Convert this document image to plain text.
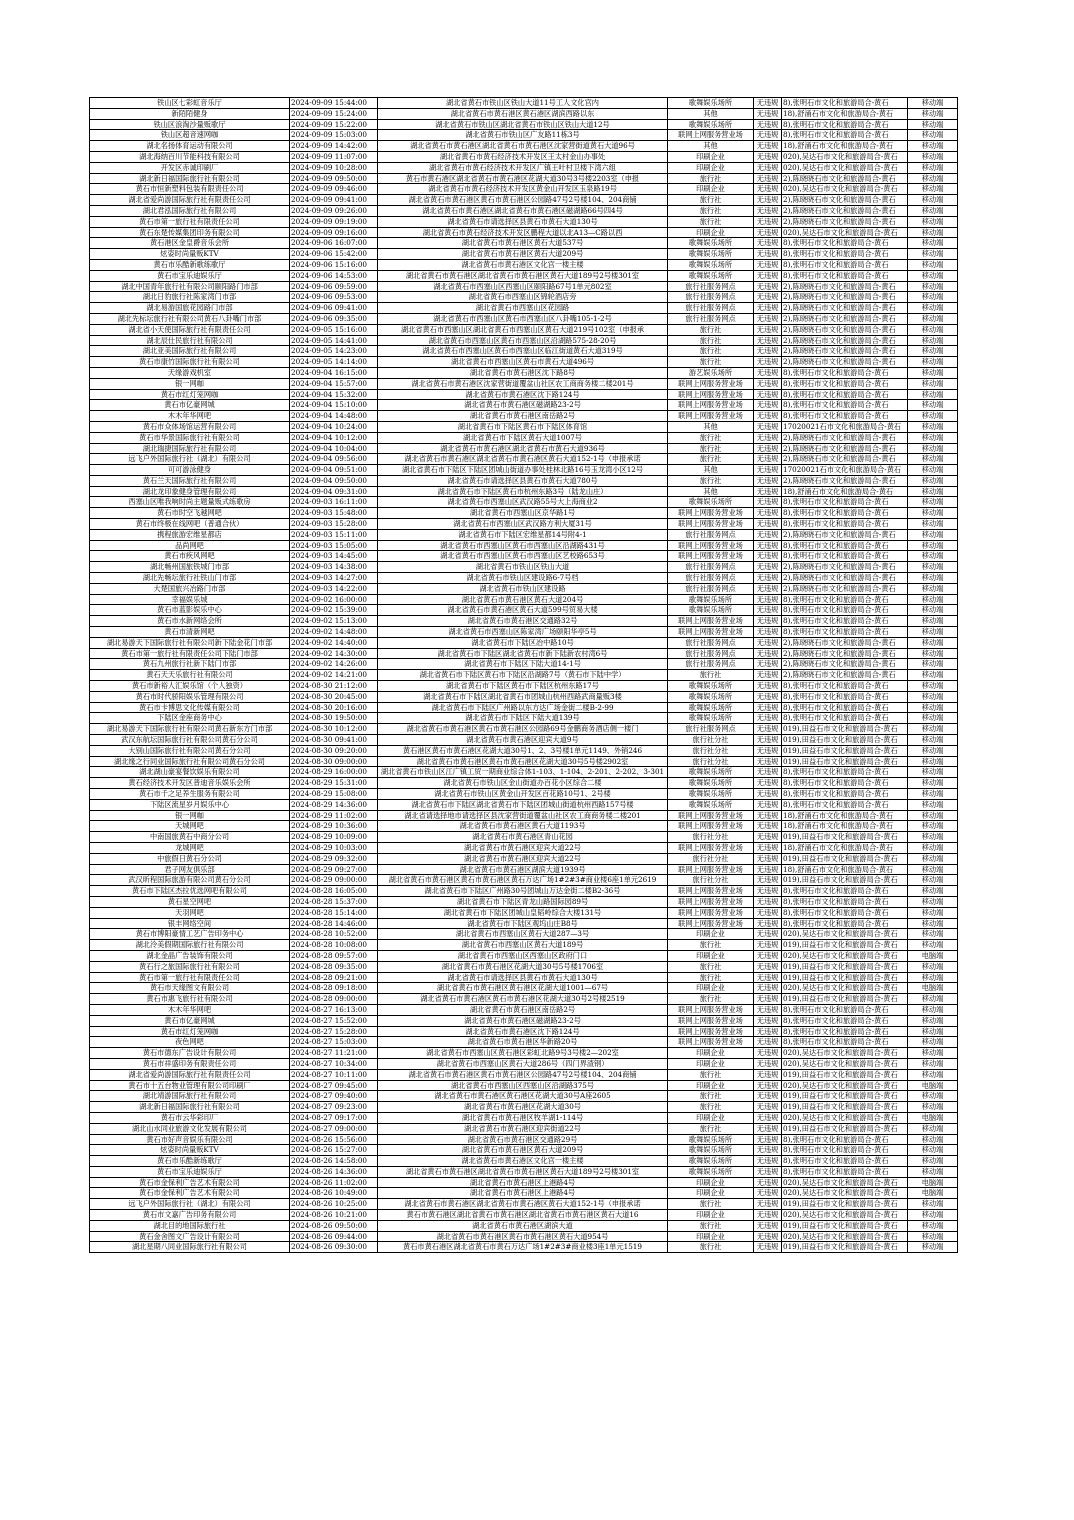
铁山区七彩虹音乐厅	2024-09-09 15:44:00	湖北省黄石市铁山区铁山大道11号工人文化宫内	歌舞娱乐场所	无违规	8),张明石市文化和旅游局合-黄石	移动端
新陌陌健身	2024-09-09 15:24:00	湖北省黄石市黄石港区黄石港区湖滨西路以东	其他	无违规	18),舒涌石市文化和旅游局合-黄石	移动端
铁山区浪淘沙量贩歌厅	2024-09-09 15:22:00	湖北省黄石市铁山区湖北省黄石市铁山区铁山大道12号	歌舞娱乐场所	无违规	8),张明石市文化和旅游局合-黄石	移动端
铁山区超音速网咖	2024-09-09 15:03:00	湖北省黄石市铁山区广友路11栋3号	联网上网服务营业场	无违规	8),张明石市文化和旅游局合-黄石	移动端
湖北名扬体育运动有限公司	2024-09-09 14:42:00	湖北省黄石市黄石港区湖北省黄石市黄石港区沈家营街道黄石大道96号	其他	无违规	18),舒涌石市文化和旅游局合-黄石	移动端
湖北海纳百川节能科技有限公司	2024-09-09 11:07:00	湖北省黄石市黄石经济技术开发区王太村金山办事处	印刷企业	无违规	020),吴达石市文化和旅游局合-黄石	移动端
开发区赤诚印刷厂	2024-09-09 10:28:00	湖北省黄石市黄石经济技术开发区广镇王叶村卫楼下湾六组	印刷企业	无违规	020),吴达石市文化和旅游局合-黄石	移动端
湖北新日福国际旅行社有限公司	2024-09-09 09:50:00	黄石市黄石港区湖北省黄石市黄石港区花湖大道30号3号楼2203室（申报	旅行社	无违规	2),陈晓晓石市文化和旅游局合-黄石	移动端
黄石市恒新塑料包装有限责任公司	2024-09-09 09:46:00	湖北省黄石市黄石经济技术开发区黄金山开发区玉泉路19号	印刷企业	无违规	020),吴达石市文化和旅游局合-黄石	移动端
湖北省爱尚游国际旅行社有限责任公司	2024-09-09 09:41:00	湖北省黄石市黄石港区黄石市黄石港区公园路47号2号楼104、204商铺	旅行社	无违规	2),陈晓晓石市文化和旅游局合-黄石	移动端
湖北君泓国际旅行社有限公司	2024-09-09 09:26:00	湖北省黄石市黄石港区湖北省黄石市黄石港区磁湖路66号四4号	旅行社	无违规	2),陈晓晓石市文化和旅游局合-黄石	移动端
黄石市第一旅行社有限责任公司	2024-09-09 09:19:00	湖北省黄石市请选择区县黄石市黄石大道130号	旅行社	无违规	2),陈晓晓石市文化和旅游局合-黄石	移动端
黄石东楚传媒集团印务有限公司	2024-09-09 09:16:00	湖北省黄石市黄石经济技术开发区鹏程大道以北A13—C路以西	印刷企业	无违规	020),吴达石市文化和旅游局合-黄石	移动端
黄石港区金皇爵音乐会所	2024-09-06 16:07:00	湖北省黄石市黄石港区黄石大道537号	歌舞娱乐场所	无违规	8),张明石市文化和旅游局合-黄石	移动端
炫姿时尚量贩KTV	2024-09-06 15:42:00	湖北省黄石市黄石港区黄石大道209号	歌舞娱乐场所	无违规	8),张明石市文化和旅游局合-黄石	移动端
黄石市乐酷新歌练歌厅	2024-09-06 15:16:00	湖北省黄石市黄石港区文化宫一楼主楼	歌舞娱乐场所	无违规	8),张明石市文化和旅游局合-黄石	移动端
黄石市宝乐迪娱乐厅	2024-09-06 14:53:00	湖北省黄石市黄石港区湖北省黄石市黄石港区黄石大道189号2号楼301室	歌舞娱乐场所	无违规	8),张明石市文化和旅游局合-黄石	移动端
湖北中国青年旅行社有限公司颐阳路门市部	2024-09-06 09:59:00	湖北省黄石市西塞山区西塞山区颐阳路67号1单元802室	旅行社服务网点	无违规	2),陈晓晓石市文化和旅游局合-黄石	移动端
湖北日豹旅行社陈家湾门市部	2024-09-06 09:53:00	湖北省黄石市西塞山区锦轮酒店旁	旅行社服务网点	无违规	2),陈晓晓石市文化和旅游局合-黄石	移动端
湖北易游国旅花园路门市部	2024-09-06 09:41:00	湖北省黄石市西塞山区花园路	旅行社服务网点	无违规	2),陈晓晓石市文化和旅游局合-黄石	移动端
湖北先标坛旅行社有限公司黄石八卦嘴门市部	2024-09-06 09:35:00	湖北省黄石市西塞山区黄石市西塞山区八卦嘴105-1-2号	旅行社服务网点	无违规	2),陈晓晓石市文化和旅游局合-黄石	移动端
湖北省小天使国际旅行社有限责任公司	2024-09-05 15:16:00	湖北省黄石市西塞山区湖北省黄石市西塞山区黄石大道219号102室（申报承	旅行社	无违规	2),陈晓晓石市文化和旅游局合-黄石	移动端
湖北辰仕民旅行社有限公司	2024-09-05 14:41:00	湖北省黄石市西塞山区黄石市西塞山区沿湖路575-28-20号	旅行社	无违规	2),陈晓晓石市文化和旅游局合-黄石	移动端
湖北亚美国际旅行社有限公司	2024-09-05 14:23:00	湖北省黄石市西塞山区黄石市西塞山区临江街道黄石大道319号	旅行社	无违规	2),陈晓晓石市文化和旅游局合-黄石	移动端
黄石市康竹国际旅行社有限公司	2024-09-05 14:14:00	湖北省黄石市西塞山区黄石市黄石大道496号	旅行社	无违规	2),陈晓晓石市文化和旅游局合-黄石	移动端
天缘游戏机室	2024-09-04 16:15:00	湖北省黄石市黄石港区沈下路8号	游艺娱乐场所	无违规	8),张明石市文化和旅游局合-黄石	移动端
银一网咖	2024-09-04 15:57:00	湖北省黄石市黄石港区沈家营街道覆盆山社区农工商商务楼二楼201号	联网上网服务营业场	无违规	8),张明石市文化和旅游局合-黄石	移动端
黄石市红灯笼网咖	2024-09-04 15:32:00	湖北省黄石市黄石港区沈下路124号	联网上网服务营业场	无违规	8),张明石市文化和旅游局合-黄石	移动端
黄石市亿豪网城	2024-09-04 15:10:00	湖北省黄石市黄石港区磁湖路23-2号	联网上网服务营业场	无违规	8),张明石市文化和旅游局合-黄石	移动端
木木年华网吧	2024-09-04 14:48:00	湖北省黄石市黄石港区南岳路2号	联网上网服务营业场	无违规	8),张明石市文化和旅游局合-黄石	移动端
黄石市众体场馆运营有限公司	2024-09-04 10:24:00	湖北省黄石市下陆区黄石市下陆区体育馆	其他	无违规	17020021石市文化和旅游局合-黄石	移动端
黄石市华景国际旅行社有限公司	2024-09-04 10:12:00	湖北省黄石市下陆区黄石大道1007号	旅行社	无违规	2),陈晓晓石市文化和旅游局合-黄石	移动端
湖北瑞捷国际旅行社有限公司	2024-09-04 10:04:00	湖北省黄石市黄石港区湖北省黄石市黄石大道936号	旅行社	无违规	2),陈晓晓石市文化和旅游局合-黄石	移动端
远飞户外国际旅行社（湖北）有限公司	2024-09-04 09:56:00	湖北省黄石市黄石港区湖北省黄石市黄石港区黄石大道152-1号（申报承诺	旅行社	无违规	2),陈晓晓石市文化和旅游局合-黄石	移动端
可可游泳健身	2024-09-04 09:51:00	湖北省黄石市下陆区下陆区团城山街道办事处桂林北路16号玉龙湾小区12号	其他	无违规	17020021石市文化和旅游局合-黄石	移动端
黄石兰天国际旅行社有限公司	2024-09-04 09:50:00	湖北省黄石市请选择区县黄石市黄石大道780号	旅行社	无违规	2),陈晓晓石市文化和旅游局合-黄石	移动端
湖北龙印象健身管理有限公司	2024-09-04 09:31:00	湖北省黄石市下陆区黄石市杭州东路3号（陆龙山庄）	其他	无违规	18),舒涌石市文化和旅游局合-黄石	移动端
西塞山区唯我响时尚主题量贩式练歌房	2024-09-03 16:11:00	湖北省黄石市西塞山区武汉路55号大上海商业2	歌舞娱乐场所	无违规	8),张明石市文化和旅游局合-黄石	移动端
黄石市时空飞越网吧	2024-09-03 15:48:00	湖北省黄石市西塞山区京华路1号	联网上网服务营业场	无违规	8),张明石市文化和旅游局合-黄石	移动端
黄石市终极在线网吧（普通合伙）	2024-09-03 15:28:00	湖北省黄石市西塞山区武汉路方利大厦31号	联网上网服务营业场	无违规	8),张明石市文化和旅游局合-黄石	移动端
携程旅游宏维星都店	2024-09-03 15:11:00	湖北省黄石市下陆区宏维星都14号附4-1	旅行社服务网点	无违规	2),陈晓晓石市文化和旅游局合-黄石	移动端
品尚网吧	2024-09-03 15:05:00	湖北省黄石市西塞山区黄石市西塞山区沿湖路431号	联网上网服务营业场	无违规	8),张明石市文化和旅游局合-黄石	移动端
黄石市疾风网吧	2024-09-03 14:45:00	湖北省黄石市西塞山区黄石市西塞山区艺校路653号	联网上网服务营业场	无违规	8),张明石市文化和旅游局合-黄石	移动端
湖北畅州国旅铁城门市部	2024-09-03 14:38:00	湖北省黄石市铁山区铁山大道	旅行社服务网点	无违规	2),陈晓晓石市文化和旅游局合-黄石	移动端
湖北先畅坛旅行社铁山门市部	2024-09-03 14:27:00	湖北省黄石市铁山区建设路6-7号档	旅行社服务网点	无违规	2),陈晓晓石市文化和旅游局合-黄石	移动端
大楚国旅兴冶路门市部	2024-09-03 14:22:00	湖北省黄石市铁山区建设路	旅行社服务网点	无违规	2),陈晓晓石市文化和旅游局合-黄石	移动端
幸福娱乐城	2024-09-02 16:00:00	湖北省黄石市黄石港区黄石大道204号	歌舞娱乐场所	无违规	8),张明石市文化和旅游局合-黄石	移动端
黄石市蓝影娱乐中心	2024-09-02 15:39:00	湖北省黄石市黄石港区黄石大道599号贸易大楼	歌舞娱乐场所	无违规	8),张明石市文化和旅游局合-黄石	移动端
黄石市水新网络会所	2024-09-02 15:13:00	湖北省黄石市黄石港区交通路32号	联网上网服务营业场	无违规	8),张明石市文化和旅游局合-黄石	移动端
黄石市清新网吧	2024-09-02 14:48:00	湖北省黄石市西塞山区陈家湾广场颐阳华亭5号	联网上网服务营业场	无违规	8),张明石市文化和旅游局合-黄石	移动端
湖北易游天下国际旅行社有限公司新下陆金花门市部	2024-09-02 14:40:00	湖北省黄石市下陆区冶中路10号	旅行社服务网点	无违规	2),陈晓晓石市文化和旅游局合-黄石	移动端
黄石市第一旅行社有限责任公司下陆门市部	2024-09-02 14:30:00	湖北省黄石市下陆区湖北省黄石市新下陆新农村湾6号	旅行社服务网点	无违规	2),陈晓晓石市文化和旅游局合-黄石	移动端
黄石九州旅行社新下陆门市部	2024-09-02 14:26:00	湖北省黄石市下陆区下陆大道14-1号	旅行社服务网点	无违规	2),陈晓晓石市文化和旅游局合-黄石	移动端
黄石天天乐旅行社有限公司	2024-09-02 14:21:00	湖北省黄石市下陆区黄石市下陆区沿湖路7号（黄石市下陆中学）	旅行社	无违规	2),陈晓晓石市文化和旅游局合-黄石	移动端
黄石市新裕人汇娱乐馆（个人独资）	2024-08-30 21:12:00	湖北省黄石市下陆区黄石市下陆区杭州东路17号	歌舞娱乐场所	无违规	8),张明石市文化和旅游局合-黄石	移动端
黄石市时代骄阳娱乐管理有限公司	2024-08-30 20:45:00	湖北省黄石市下陆区湖北省黄石市团城山杭州西路武商量贩3楼	歌舞娱乐场所	无违规	8),张明石市文化和旅游局合-黄石	移动端
黄石市卡博思文化传媒有限公司	2024-08-30 20:16:00	湖北省黄石市下陆区广州路以东方达广场金街二楼B-2-99	歌舞娱乐场所	无违规	8),张明石市文化和旅游局合-黄石	移动端
下陆区金座商务中心	2024-08-30 19:50:00	湖北省黄石市下陆区下陆大道139号	歌舞娱乐场所	无违规	8),张明石市文化和旅游局合-黄石	移动端
湖北易游天下国际旅行社有限公司黄石新东方门市部	2024-08-30 10:12:00	湖北省黄石市黄石港区黄石市黄石港区公园路69号金鹏商务酒店侧一楼门	旅行社服务网点	无违规	019),田益石市文化和旅游局合-黄石	移动端
武汉东航坛国际旅行社有限公司黄石分公司	2024-08-30 09:41:00	湖北省黄石市黄石港区迎宾大道9号	旅行社分社	无违规	019),田益石市文化和旅游局合-黄石	移动端
大别山国际旅行社有限公司黄石分公司	2024-08-30 09:20:00	黄石港区黄石市黄石港区花湖大道30号1、2、3号楼1单元1149、外销246	旅行社分社	无违规	019),田益石市文化和旅游局合-黄石	移动端
湖北缘之行同业国际旅行社有限公司黄石分公司	2024-08-30 09:00:00	湖北省黄石市黄石港区黄石市黄石港区花湖大道30号5号楼2902室	旅行社分社	无违规	019),田益石市文化和旅游局合-黄石	移动端
湖北湖山豪宴餐饮娱乐有限公司	2024-08-29 16:00:00	湖北省黄石市铁山区江广镇工贸一期商业综合体1-103、1-104、2-201、2-202、3-301	歌舞娱乐场所	无违规	8),张明石市文化和旅游局合-黄石	移动端
黄石经济技术开发区普迪音乐娱乐会所	2024-08-29 15:31:00	湖北省黄石市铁山区金山街道办百花小区综合二楼	歌舞娱乐场所	无违规	8),张明石市文化和旅游局合-黄石	移动端
黄石市千之足养生服务有限公司	2024-08-29 15:08:00	湖北省黄石市铁山区黄金山开发区百花路10号1、2号楼	歌舞娱乐场所	无违规	8),张明石市文化和旅游局合-黄石	移动端
下陆区流星岁月娱乐中心	2024-08-29 14:36:00	湖北省黄石市下陆区湖北省黄石市下陆区团城山街道杭州西路157号楼	歌舞娱乐场所	无违规	8),张明石市文化和旅游局合-黄石	移动端
银一网咖	2024-08-29 11:02:00	湖北省请选择地市请选择区县沈家营街道覆盆山社区农工商商务楼二楼201	联网上网服务营业场	无违规	18),舒涌石市文化和旅游局合-黄石	移动端
天城网吧	2024-08-29 10:36:00	湖北省黄石市黄石港区黄石大道1193号	联网上网服务营业场	无违规	18),舒涌石市文化和旅游局合-黄石	移动端
中南国旅黄石中商分公司	2024-08-29 10:09:00	湖北省黄石市黄石港区青山花园	旅行社分社	无违规	019),田益石市文化和旅游局合-黄石	移动端
龙城网吧	2024-08-29 10:03:00	湖北省黄石市黄石港区迎宾大道22号	联网上网服务营业场	无违规	18),舒涌石市文化和旅游局合-黄石	移动端
中旅假日黄石分公司	2024-08-29 09:32:00	湖北省黄石市黄石港区迎宾大道22号	旅行社分社	无违规	019),田益石市文化和旅游局合-黄石	移动端
君子网友俱乐部	2024-08-29 09:27:00	湖北省黄石市黄石港区湖滨大道1939号	联网上网服务营业场	无违规	18),舒涌石市文化和旅游局合-黄石	移动端
武汉昕程国际旅游有限公司黄石分公司	2024-08-29 09:00:00	湖北省黄石市黄石港区黄石市黄石港区黄石万达广场1#2#3#商业楼6座1单元2619	旅行社分社	无违规	019),田益石市文化和旅游局合-黄石	移动端
黄石市下陆区杰拉优选网吧有限公司	2024-08-28 16:05:00	湖北省黄石市下陆区广州路30号团城山万达金街二楼B2-36号	联网上网服务营业场	无违规	8),张明石市文化和旅游局合-黄石	移动端
黄石星空网吧	2024-08-28 15:37:00	湖北省黄石市下陆区青龙山路国际园89号	联网上网服务营业场	无违规	8),张明石市文化和旅游局合-黄石	移动端
天羽网吧	2024-08-28 15:14:00	湖北省黄石市下陆区团城山皇韬岭综合大楼131号	联网上网服务营业场	无违规	8),张明石市文化和旅游局合-黄石	移动端
银丰网络空间	2024-08-28 14:46:00	湖北省黄石市下陆区观坞山庄B8号	联网上网服务营业场	无违规	8),张明石市文化和旅游局合-黄石	移动端
黄石市博阳豪情工艺广告印务中心	2024-08-28 10:52:00	湖北省黄石市西塞山区黄石大道287—3号	印刷企业	无违规	020),吴达石市文化和旅游局合-黄石	移动端
湖北泠美假期国际旅行社有限公司	2024-08-28 10:08:00	湖北省黄石市西塞山区黄石大道189号	旅行社	无违规	019),田益石市文化和旅游局合-黄石	移动端
湖北金晶广告装饰有限公司	2024-08-28 09:57:00	湖北省黄石市西塞山区西塞山区政府门口	印刷企业	无违规	020),吴达石市文化和旅游局合-黄石	电脑端
黄石行之旅国际旅行社有限公司	2024-08-28 09:35:00	湖北省黄石市黄石港区花湖大道30号5号楼1706室	旅行社	无违规	019),田益石市文化和旅游局合-黄石	移动端
黄石市第一旅行社有限责任公司	2024-08-28 09:21:00	湖北省黄石市请选择区县黄石市黄石大道130号	旅行社	无违规	019),田益石市文化和旅游局合-黄石	移动端
黄石市天缘图文有限公司	2024-08-28 09:18:00	湖北省黄石市黄石港区黄石港区花湖大道1001—67号	印刷企业	无违规	020),吴达石市文化和旅游局合-黄石	电脑端
黄石市惠飞旅行社有限公司	2024-08-28 09:00:00	湖北省黄石市黄石港区黄石市黄石港区花湖大道30号2号楼2519	旅行社	无违规	019),田益石市文化和旅游局合-黄石	移动端
木木年华网吧	2024-08-27 16:13:00	湖北省黄石市黄石港区南岳路2号	联网上网服务营业场	无违规	8),张明石市文化和旅游局合-黄石	移动端
黄石市亿豪网城	2024-08-27 15:52:00	湖北省黄石市黄石港区磁湖路23-2号	联网上网服务营业场	无违规	8),张明石市文化和旅游局合-黄石	移动端
黄石市红灯笼网咖	2024-08-27 15:28:00	湖北省黄石市黄石港区沈下路124号	联网上网服务营业场	无违规	8),张明石市文化和旅游局合-黄石	移动端
夜色网吧	2024-08-27 15:03:00	湖北省黄石市黄石港区华新路20号	联网上网服务营业场	无违规	8),张明石市文化和旅游局合-黄石	移动端
黄石市德东广告设计有限公司	2024-08-27 11:21:00	湖北省黄石市西塞山区黄石港区彩虹北路9号3号楼2—202室	印刷企业	无违规	020),吴达石市文化和旅游局合-黄石	移动端
黄石市祥盛印务有限责任公司	2024-08-27 10:34:00	湖北省黄石市西塞山区黄石大道286号（四门界渣钢）	印刷企业	无违规	020),吴达石市文化和旅游局合-黄石	移动端
湖北省爱尚游国际旅行社有限责任公司	2024-08-27 10:11:00	湖北省黄石市黄石港区黄石市黄石港区公园路47号2号楼104、204商铺	旅行社	无违规	019),田益石市文化和旅游局合-黄石	移动端
黄石市十五台物业管理有限公司印刷厂	2024-08-27 09:45:00	湖北省黄石市西塞山区西塞山区沿湖路375号	印刷企业	无违规	020),吴达石市文化和旅游局合-黄石	电脑端
湖北靖游国际旅行社有限公司	2024-08-27 09:40:00	湖北省黄石市黄石港区黄石港区花湖大道30号A座2605	旅行社	无违规	019),田益石市文化和旅游局合-黄石	移动端
湖北新日福国际旅行社有限公司	2024-08-27 09:23:00	湖北省黄石市黄石港区花湖大道30号	旅行社	无违规	019),田益石市文化和旅游局合-黄石	移动端
黄石市云华彩印厂	2024-08-27 09:17:00	湖北省黄石市黄石港区牧羊湖1-114号	印刷企业	无违规	020),吴达石市文化和旅游局合-黄石	电脑端
湖北山水同业旅游文化发展有限公司	2024-08-27 09:00:00	湖北省黄石市黄石港区迎宾街道22号	旅行社	无违规	019),田益石市文化和旅游局合-黄石	移动端
黄石市好声音娱乐有限公司	2024-08-26 15:56:00	湖北省黄石市黄石港区交通路29号	歌舞娱乐场所	无违规	8),张明石市文化和旅游局合-黄石	移动端
炫姿时尚量贩KTV	2024-08-26 15:27:00	湖北省黄石市黄石港区黄石大道209号	歌舞娱乐场所	无违规	8),张明石市文化和旅游局合-黄石	移动端
黄石市乐酷新练歌厅	2024-08-26 14:58:00	湖北省黄石市黄石港区文化宫一楼主楼	歌舞娱乐场所	无违规	8),张明石市文化和旅游局合-黄石	移动端
黄石市宝乐迪娱乐厅	2024-08-26 14:36:00	湖北省黄石市黄石港区湖北省黄石市黄石港区黄石大道189号2号楼301室	歌舞娱乐场所	无违规	8),张明石市文化和旅游局合-黄石	移动端
黄石市金保利广告艺术有限公司	2024-08-26 11:02:00	湖北省黄石市黄石港区上港路4号	印刷企业	无违规	020),吴达石市文化和旅游局合-黄石	电脑端
黄石市金保利广告艺术有限公司	2024-08-26 10:49:00	湖北省黄石市黄石港区上港路4号	印刷企业	无违规	020),吴达石市文化和旅游局合-黄石	电脑端
远飞户外国际旅行社（湖北）有限公司	2024-08-26 10:25:00	湖北省黄石市黄石港区湖北省黄石市黄石港区黄石大道152-1号（申报承诺	旅行社	无违规	019),田益石市文化和旅游局合-黄石	移动端
黄石市文嘉广告印务有限公司	2024-08-26 10:21:00	黄石市黄石港区湖北省黄石市黄石港区湖北省黄石市黄石港区黄石大道16	印刷企业	无违规	020),吴达石市文化和旅游局合-黄石	移动端
湖北目的地国际旅行社	2024-08-26 09:50:00	湖北省黄石市黄石港区湖滨大道	旅行社	无违规	019),田益石市文化和旅游局合-黄石	移动端
黄石金舍图文广告设计有限公司	2024-08-26 09:44:00	湖北省黄石市黄石港区黄石市黄石港区黄石大道954号	印刷企业	无违规	020),吴达石市文化和旅游局合-黄石	移动端
湖北星期八同业国际旅行社有限公司	2024-08-26 09:30:00	黄石市黄石港区湖北省黄石市黄石万达广场1#2#3#商业楼3座1单元1519	旅行社	无违规	019),田益石市文化和旅游局合-黄石	移动端
